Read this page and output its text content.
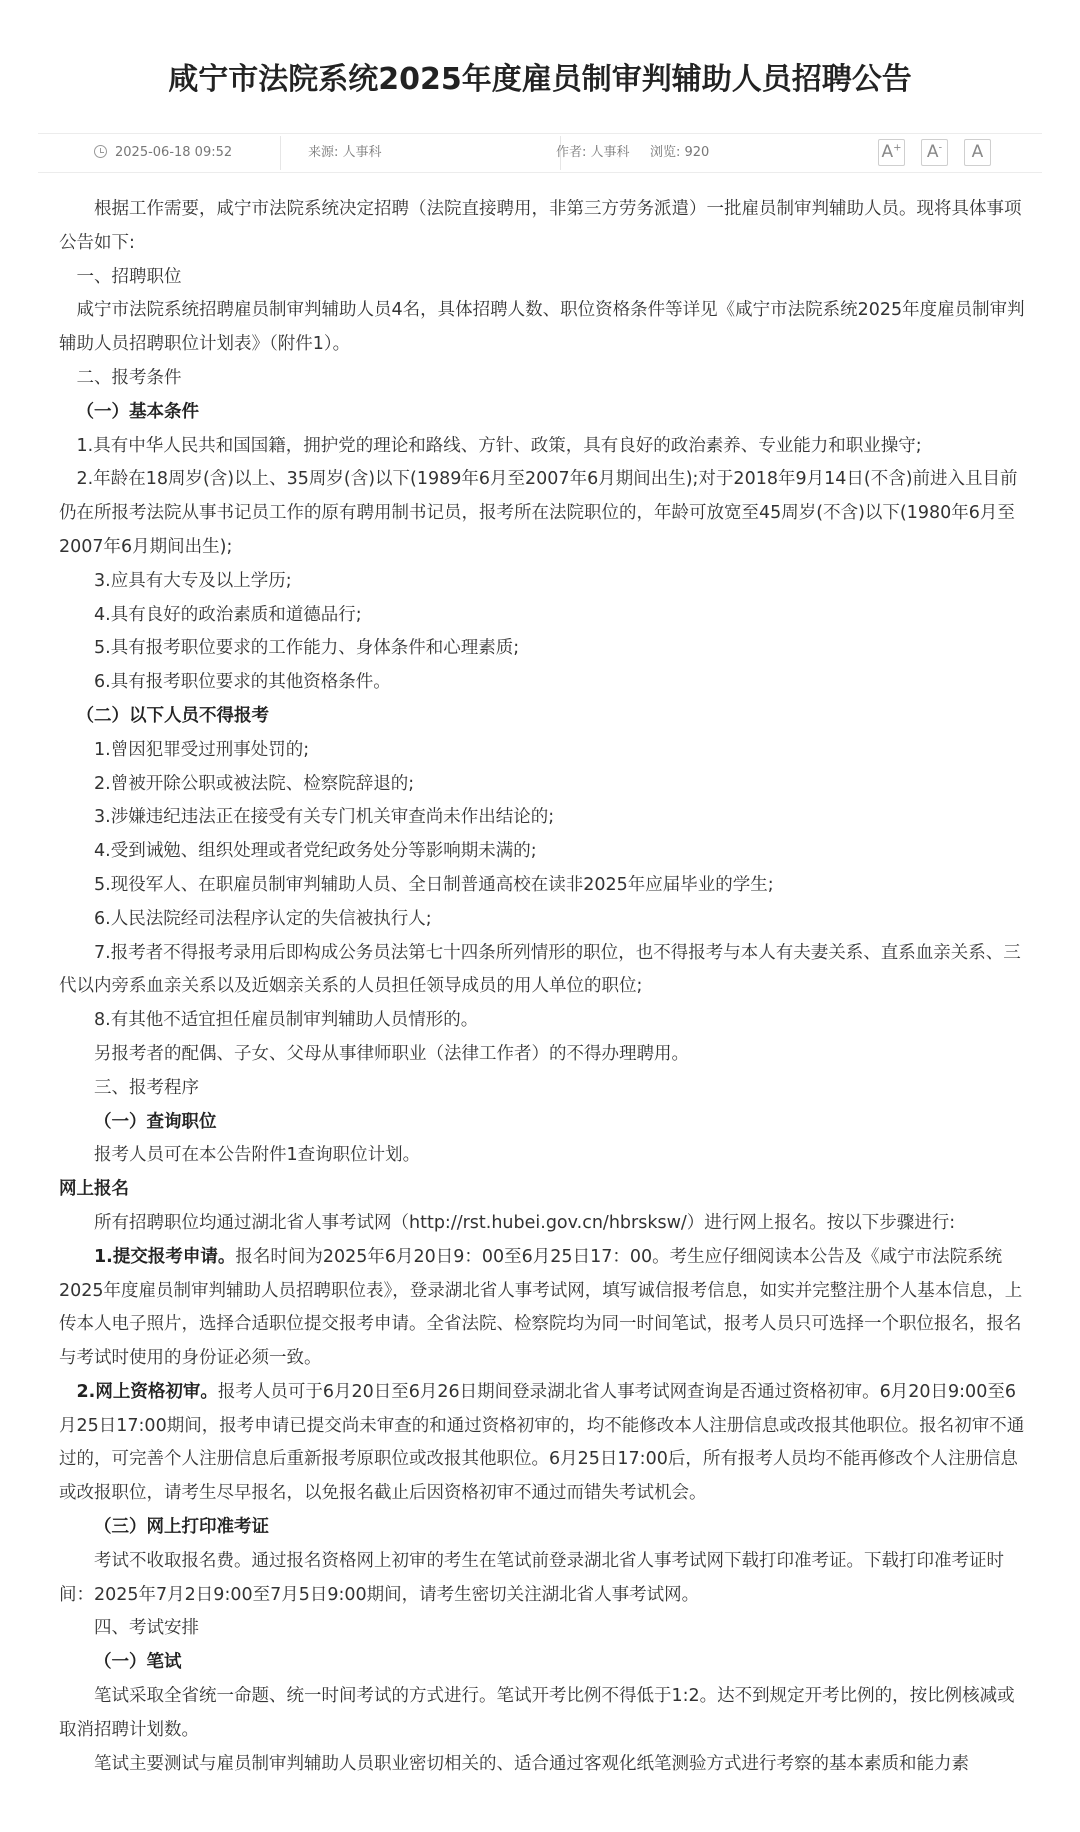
咸宁市法院系统2025年度雇员制审判辅助人员招聘公告
2025-06-18 09:52	来源: 人事科	作者: 人事科 浏览: 920	A+	A-	A

根据工作需要，咸宁市法院系统决定招聘（法院直接聘用，非第三方劳务派遣）一批雇员制审判辅助人员。现将具体事项公告如下:

一、招聘职位

咸宁市法院系统招聘雇员制审判辅助人员4名，具体招聘人数、职位资格条件等详见《咸宁市法院系统2025年度雇员制审判辅助人员招聘职位计划表》（附件1）。

二、报考条件

（一）基本条件

1.具有中华人民共和国国籍，拥护党的理论和路线、方针、政策，具有良好的政治素养、专业能力和职业操守;

2.年龄在18周岁(含)以上、35周岁(含)以下(1989年6月至2007年6月期间出生);对于2018年9月14日(不含)前进入且目前仍在所报考法院从事书记员工作的原有聘用制书记员，报考所在法院职位的，年龄可放宽至45周岁(不含)以下(1980年6月至2007年6月期间出生);

3.应具有大专及以上学历;

4.具有良好的政治素质和道德品行;

5.具有报考职位要求的工作能力、身体条件和心理素质;

6.具有报考职位要求的其他资格条件。

（二）以下人员不得报考

1.曾因犯罪受过刑事处罚的;

2.曾被开除公职或被法院、检察院辞退的;

3.涉嫌违纪违法正在接受有关专门机关审查尚未作出结论的;

4.受到诫勉、组织处理或者党纪政务处分等影响期未满的;

5.现役军人、在职雇员制审判辅助人员、全日制普通高校在读非2025年应届毕业的学生;

6.人民法院经司法程序认定的失信被执行人;

7.报考者不得报考录用后即构成公务员法第七十四条所列情形的职位，也不得报考与本人有夫妻关系、直系血亲关系、三代以内旁系血亲关系以及近姻亲关系的人员担任领导成员的用人单位的职位;

8.有其他不适宜担任雇员制审判辅助人员情形的。

另报考者的配偶、子女、父母从事律师职业（法律工作者）的不得办理聘用。

三、报考程序

（一）查询职位

报考人员可在本公告附件1查询职位计划。

网上报名

所有招聘职位均通过湖北省人事考试网（http://rst.hubei.gov.cn/hbrsksw/）进行网上报名。按以下步骤进行:

1.提交报考申请。报名时间为2025年6月20日9：00至6月25日17：00。考生应仔细阅读本公告及《咸宁市法院系统2025年度雇员制审判辅助人员招聘职位表》，登录湖北省人事考试网，填写诚信报考信息，如实并完整注册个人基本信息，上传本人电子照片，选择合适职位提交报考申请。全省法院、检察院均为同一时间笔试，报考人员只可选择一个职位报名，报名与考试时使用的身份证必须一致。

2.网上资格初审。报考人员可于6月20日至6月26日期间登录湖北省人事考试网查询是否通过资格初审。6月20日9:00至6月25日17:00期间，报考申请已提交尚未审查的和通过资格初审的，均不能修改本人注册信息或改报其他职位。报名初审不通过的，可完善个人注册信息后重新报考原职位或改报其他职位。6月25日17:00后，所有报考人员均不能再修改个人注册信息或改报职位，请考生尽早报名，以免报名截止后因资格初审不通过而错失考试机会。

（三）网上打印准考证

考试不收取报名费。通过报名资格网上初审的考生在笔试前登录湖北省人事考试网下载打印准考证。下载打印准考证时间：2025年7月2日9:00至7月5日9:00期间，请考生密切关注湖北省人事考试网。

四、考试安排

（一）笔试

笔试采取全省统一命题、统一时间考试的方式进行。笔试开考比例不得低于1:2。达不到规定开考比例的，按比例核减或取消招聘计划数。

笔试主要测试与雇员制审判辅助人员职业密切相关的、适合通过客观化纸笔测验方式进行考察的基本素质和能力素
